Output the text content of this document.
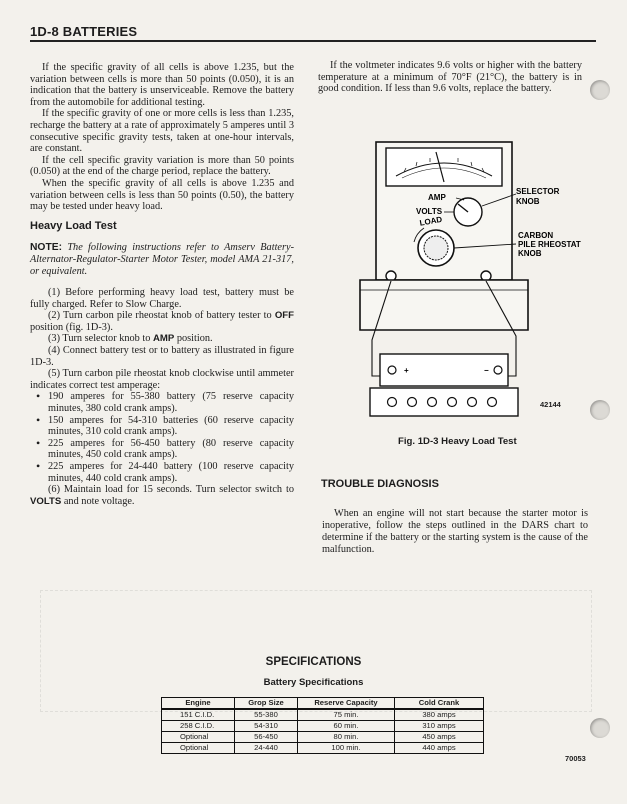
1D-8 BATTERIES

If the specific gravity of all cells is above 1.235, but the variation between cells is more than 50 points (0.050), it is an indication that the battery is unserviceable. Remove the battery from the automobile for additional testing.

If the specific gravity of one or more cells is less than 1.235, recharge the battery at a rate of approximately 5 amperes until 3 consecutive specific gravity tests, taken at one-hour intervals, are constant.

If the cell specific gravity variation is more than 50 points (0.050) at the end of the charge period, replace the battery.

When the specific gravity of all cells is above 1.235 and variation between cells is less than 50 points (0.50), the battery may be tested under heavy load.

Heavy Load Test

NOTE: The following instructions refer to Amserv Battery-Alternator-Regulator-Starter Motor Tester, model AMA 21-317, or equivalent.

(1) Before performing heavy load test, battery must be fully charged. Refer to Slow Charge.

(2) Turn carbon pile rheostat knob of battery tester to OFF position (fig. 1D-3).

(3) Turn selector knob to AMP position.

(4) Connect battery test or to battery as illustrated in figure 1D-3.

(5) Turn carbon pile rheostat knob clockwise until ammeter indicates correct test amperage:

• 190 amperes for 55-380 battery (75 reserve capacity minutes, 380 cold crank amps).
• 150 amperes for 54-310 batteries (60 reserve capacity minutes, 310 cold crank amps).
• 225 amperes for 56-450 battery (80 reserve capacity minutes, 450 cold crank amps).
• 225 amperes for 24-440 battery (100 reserve capacity minutes, 440 cold crank amps).

(6) Maintain load for 15 seconds. Turn selector switch to VOLTS and note voltage.

If the voltmeter indicates 9.6 volts or higher with the battery temperature at a minimum of 70°F (21°C), the battery is in good condition. If less than 9.6 volts, replace the battery.

AMP
VOLTS
LOAD
SELECTOR
KNOB
CARBON
PILE RHEOSTAT
KNOB
+	−
42144
Fig. 1D-3 Heavy Load Test
TROUBLE DIAGNOSIS

When an engine will not start because the starter motor is inoperative, follow the steps outlined in the DARS chart to determine if the battery or the starting system is the cause of the malfunction.

SPECIFICATIONS
Battery Specifications
Engine	Grop Size	Reserve Capacity	Cold Crank
151 C.I.D.	55-380	75 min.	380 amps
258 C.I.D.	54-310	60 min.	310 amps
Optional	56-450	80 min.	450 amps
Optional	24-440	100 min.	440 amps
70053
